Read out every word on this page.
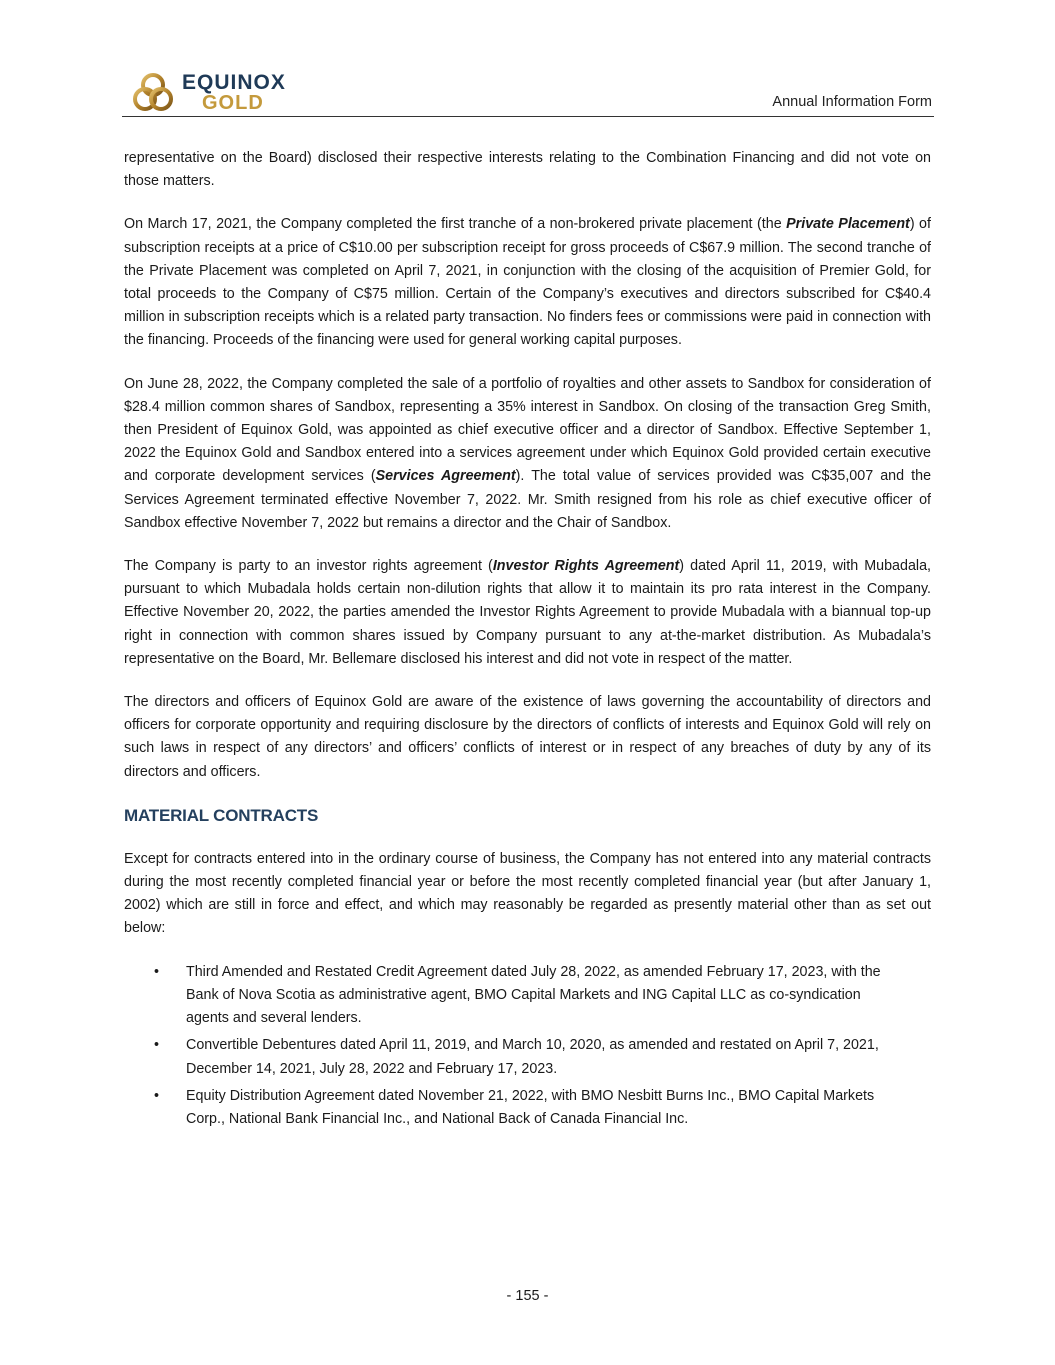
EQUINOX
GOLD	Annual Information Form

representative on the Board) disclosed their respective interests relating to the Combination Financing and did not vote on those matters.

On March 17, 2021, the Company completed the first tranche of a non-brokered private placement (the Private Placement) of subscription receipts at a price of C$10.00 per subscription receipt for gross proceeds of C$67.9 million. The second tranche of the Private Placement was completed on April 7, 2021, in conjunction with the closing of the acquisition of Premier Gold, for total proceeds to the Company of C$75 million. Certain of the Company’s executives and directors subscribed for C$40.4 million in subscription receipts which is a related party transaction. No finders fees or commissions were paid in connection with the financing. Proceeds of the financing were used for general working capital purposes.

On June 28, 2022, the Company completed the sale of a portfolio of royalties and other assets to Sandbox for consideration of $28.4 million common shares of Sandbox, representing a 35% interest in Sandbox. On closing of the transaction Greg Smith, then President of Equinox Gold, was appointed as chief executive officer and a director of Sandbox. Effective September 1, 2022 the Equinox Gold and Sandbox entered into a services agreement under which Equinox Gold provided certain executive and corporate development services (Services Agreement). The total value of services provided was C$35,007 and the Services Agreement terminated effective November 7, 2022. Mr. Smith resigned from his role as chief executive officer of Sandbox effective November 7, 2022 but remains a director and the Chair of Sandbox.

The Company is party to an investor rights agreement (Investor Rights Agreement) dated April 11, 2019, with Mubadala, pursuant to which Mubadala holds certain non-dilution rights that allow it to maintain its pro rata interest in the Company. Effective November 20, 2022, the parties amended the Investor Rights Agreement to provide Mubadala with a biannual top-up right in connection with common shares issued by Company pursuant to any at-the-market distribution. As Mubadala’s representative on the Board, Mr. Bellemare disclosed his interest and did not vote in respect of the matter.

The directors and officers of Equinox Gold are aware of the existence of laws governing the accountability of directors and officers for corporate opportunity and requiring disclosure by the directors of conflicts of interests and Equinox Gold will rely on such laws in respect of any directors’ and officers’ conflicts of interest or in respect of any breaches of duty by any of its directors and officers.

MATERIAL CONTRACTS

Except for contracts entered into in the ordinary course of business, the Company has not entered into any material contracts during the most recently completed financial year or before the most recently completed financial year (but after January 1, 2002) which are still in force and effect, and which may reasonably be regarded as presently material other than as set out below:

• Third Amended and Restated Credit Agreement dated July 28, 2022, as amended February 17, 2023, with the Bank of Nova Scotia as administrative agent, BMO Capital Markets and ING Capital LLC as co-syndication agents and several lenders.
• Convertible Debentures dated April 11, 2019, and March 10, 2020, as amended and restated on April 7, 2021, December 14, 2021, July 28, 2022 and February 17, 2023.
• Equity Distribution Agreement dated November 21, 2022, with BMO Nesbitt Burns Inc., BMO Capital Markets Corp., National Bank Financial Inc., and National Back of Canada Financial Inc.
- 155 -
